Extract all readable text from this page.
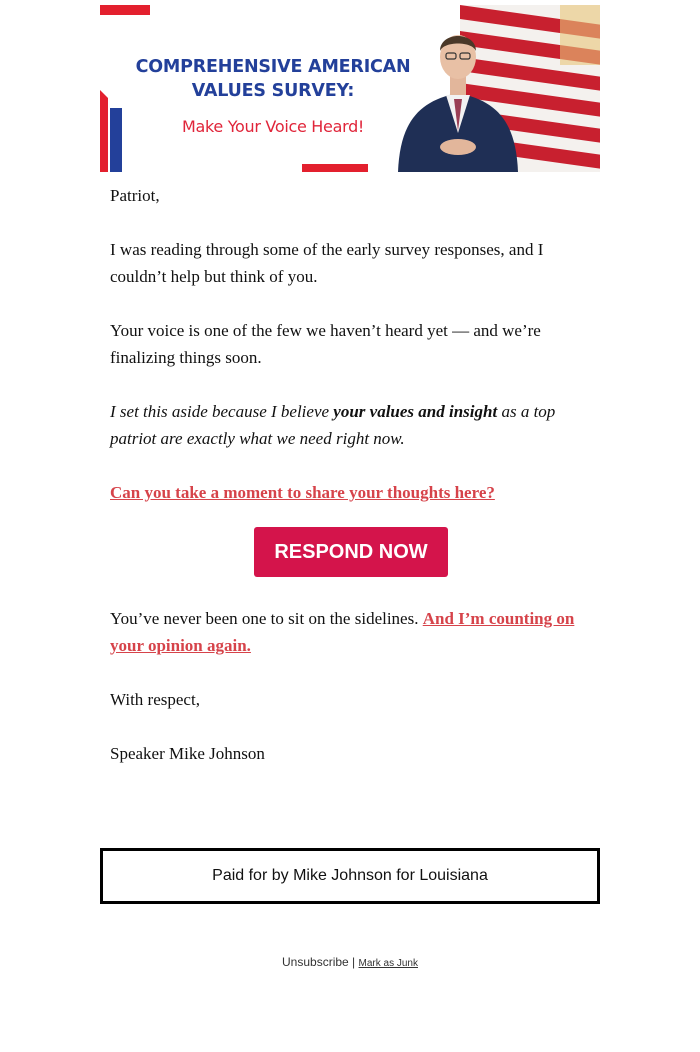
COMPREHENSIVE AMERICAN
VALUES SURVEY:
Make Your Voice Heard!

Patriot,

I was reading through some of the early survey responses, and I couldn’t help but think of you.

Your voice is one of the few we haven’t heard yet — and we’re finalizing things soon.

I set this aside because I believe your values and insight as a top patriot are exactly what we need right now.

Can you take a moment to share your thoughts here?

RESPOND NOW

You’ve never been one to sit on the sidelines. And I’m counting on your opinion again.

With respect,

Speaker Mike Johnson

Paid for by Mike Johnson for Louisiana
Unsubscribe | Mark as Junk
